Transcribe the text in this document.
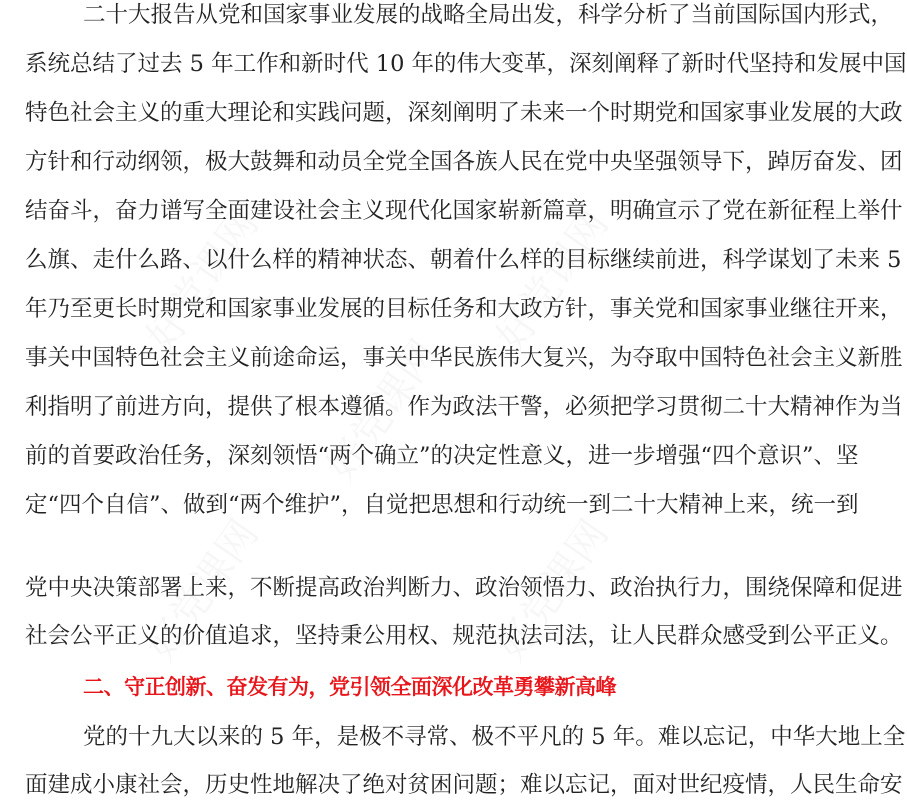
二十大报告从党和国家事业发展的战略全局出发，科学分析了当前国际国内形式，
系统总结了过去 5 年工作和新时代 10 年的伟大变革，深刻阐释了新时代坚持和发展中国
特色社会主义的重大理论和实践问题，深刻阐明了未来一个时期党和国家事业发展的大政
方针和行动纲领，极大鼓舞和动员全党全国各族人民在党中央坚强领导下，踔厉奋发、团
结奋斗，奋力谱写全面建设社会主义现代化国家崭新篇章，明确宣示了党在新征程上举什
么旗、走什么路、以什么样的精神状态、朝着什么样的目标继续前进，科学谋划了未来 5
年乃至更长时期党和国家事业发展的目标任务和大政方针，事关党和国家事业继往开来，
事关中国特色社会主义前途命运，事关中华民族伟大复兴，为夺取中国特色社会主义新胜
利指明了前进方向，提供了根本遵循。作为政法干警，必须把学习贯彻二十大精神作为当
前的首要政治任务，深刻领悟“两个确立”的决定性意义，进一步增强“四个意识”、坚
定“四个自信”、做到“两个维护”，自觉把思想和行动统一到二十大精神上来，统一到
党中央决策部署上来，不断提高政治判断力、政治领悟力、政治执行力，围绕保障和促进
社会公平正义的价值追求，坚持秉公用权、规范执法司法，让人民群众感受到公平正义。
二、守正创新、奋发有为，党引领全面深化改革勇攀新高峰
党的十九大以来的 5 年，是极不寻常、极不平凡的 5 年。难以忘记，中华大地上全
面建成小康社会，历史性地解决了绝对贫困问题；难以忘记，面对世纪疫情，人民生命安
